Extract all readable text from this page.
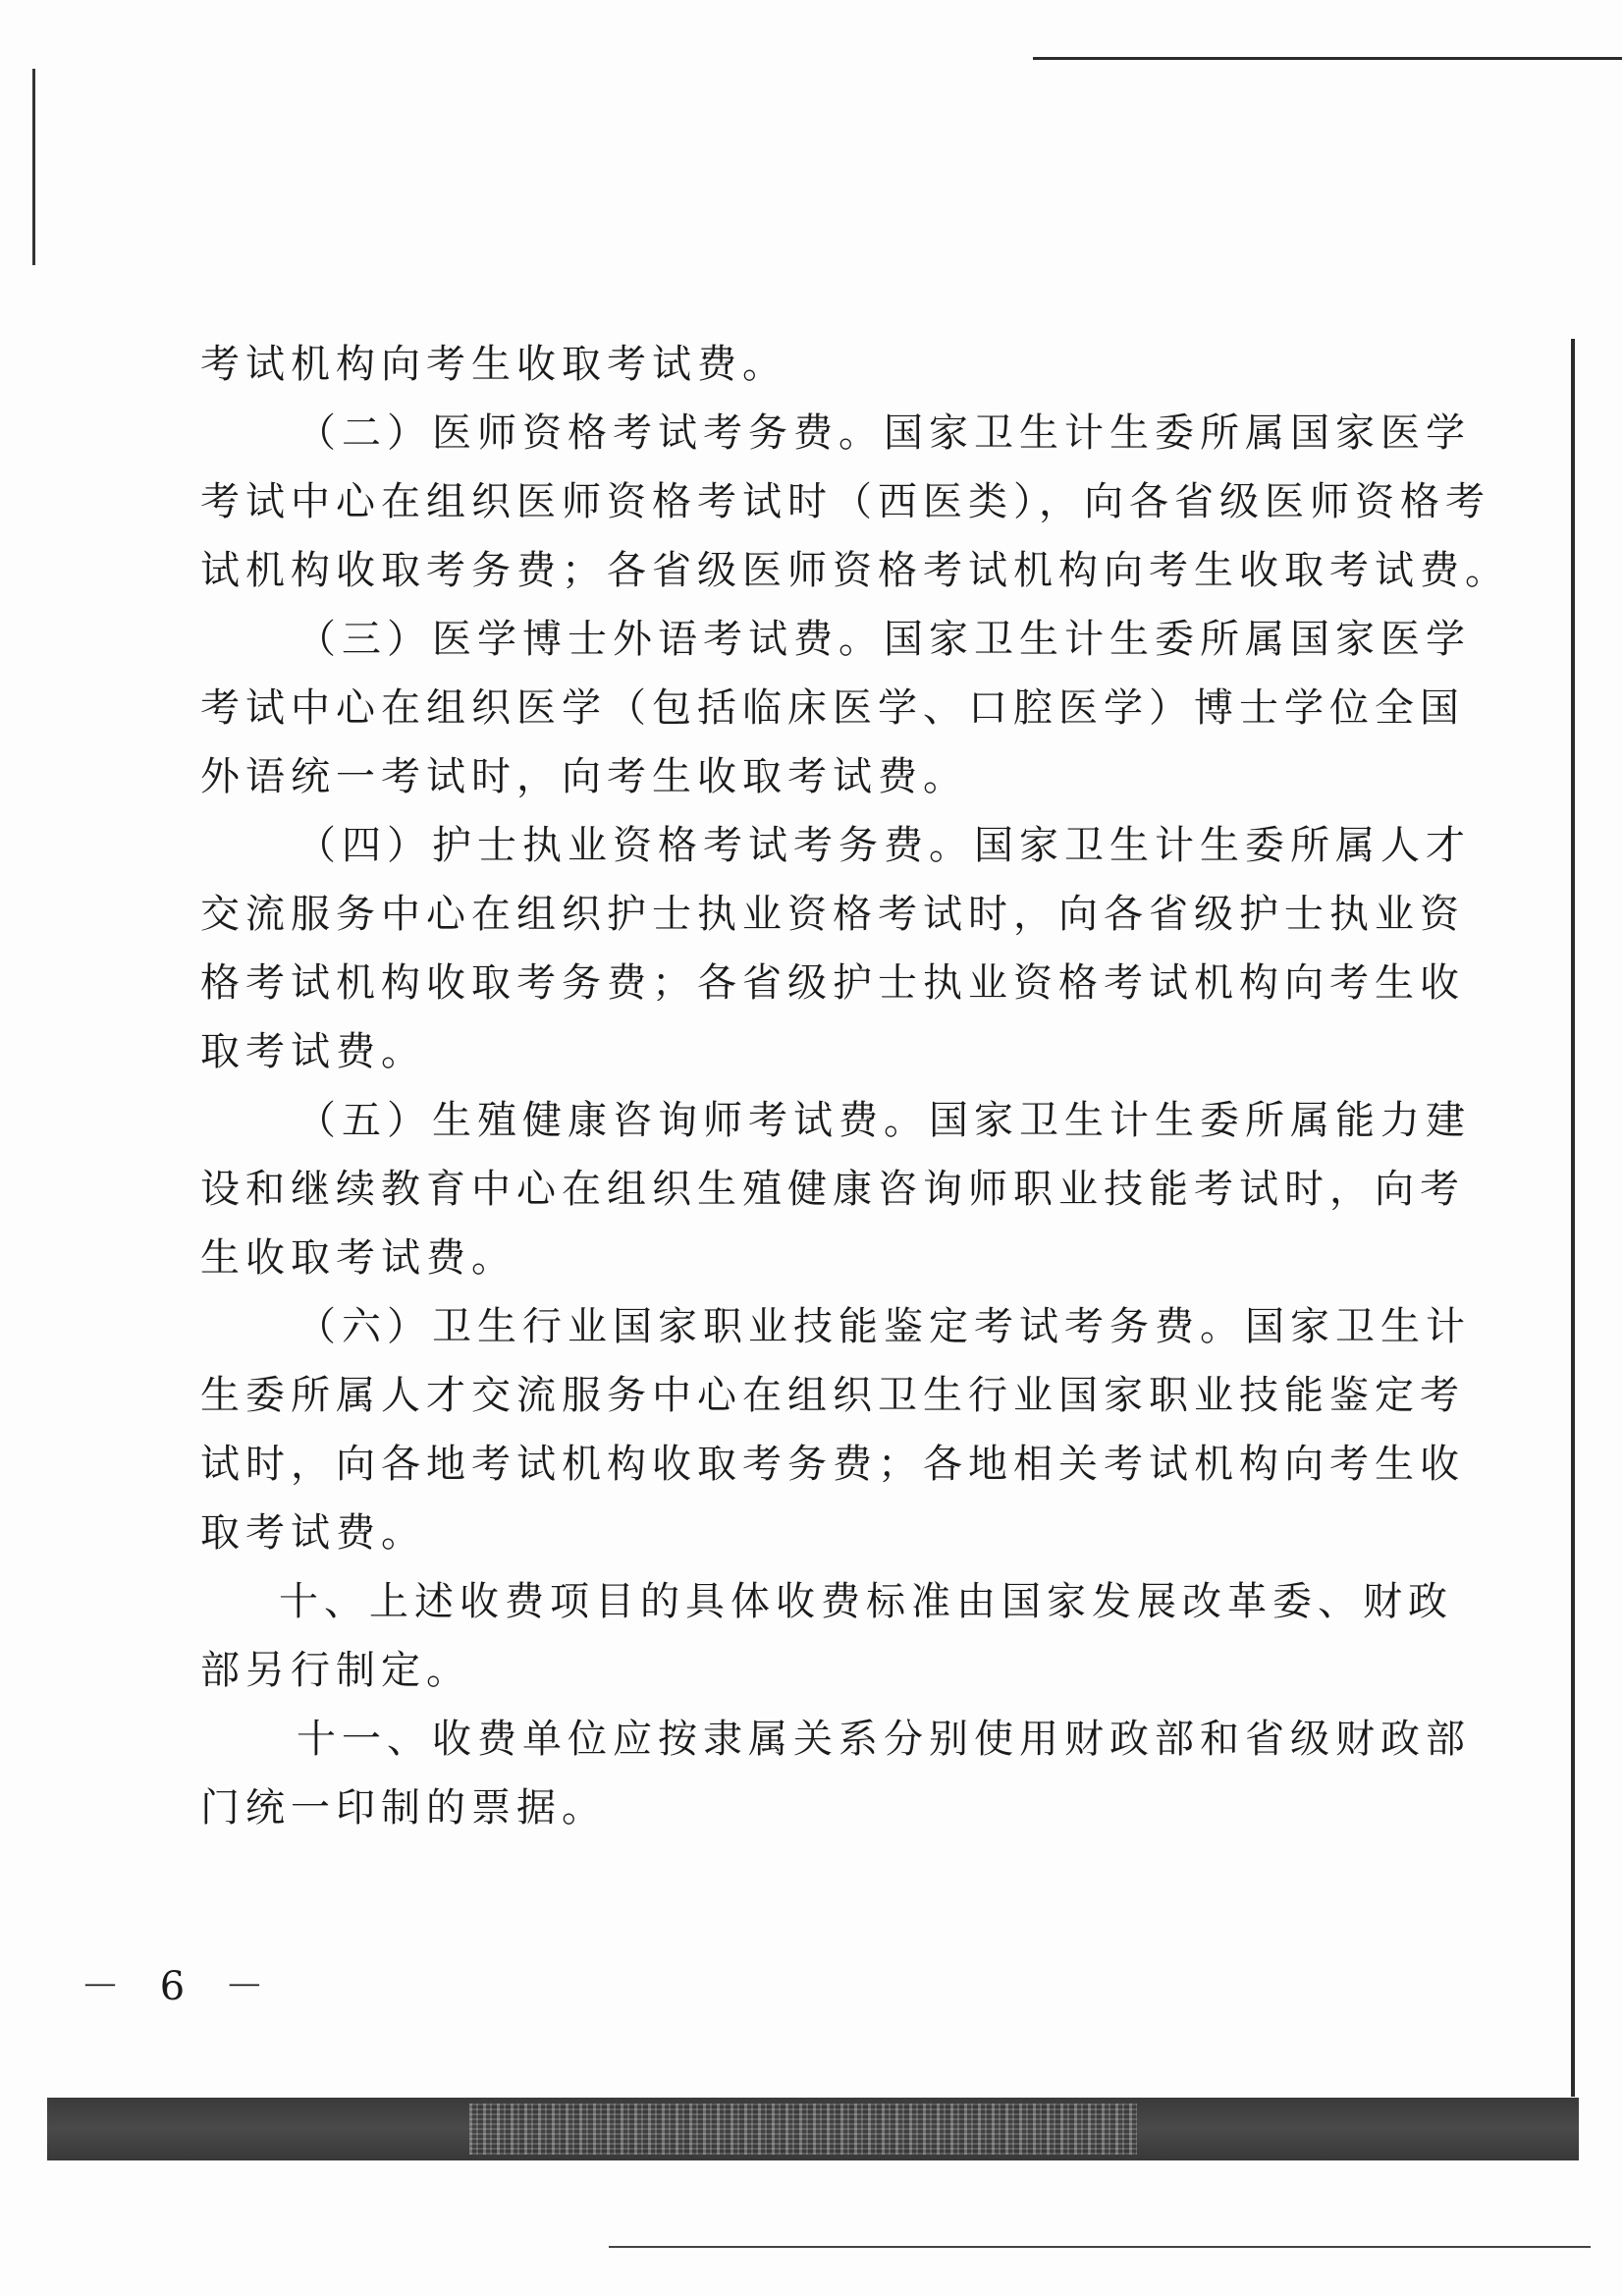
考试机构向考生收取考试费。
（二）医师资格考试考务费。国家卫生计生委所属国家医学
考试中心在组织医师资格考试时（西医类），向各省级医师资格考
试机构收取考务费；各省级医师资格考试机构向考生收取考试费。
（三）医学博士外语考试费。国家卫生计生委所属国家医学
考试中心在组织医学（包括临床医学、口腔医学）博士学位全国
外语统一考试时，向考生收取考试费。
（四）护士执业资格考试考务费。国家卫生计生委所属人才
交流服务中心在组织护士执业资格考试时，向各省级护士执业资
格考试机构收取考务费；各省级护士执业资格考试机构向考生收
取考试费。
（五）生殖健康咨询师考试费。国家卫生计生委所属能力建
设和继续教育中心在组织生殖健康咨询师职业技能考试时，向考
生收取考试费。
（六）卫生行业国家职业技能鉴定考试考务费。国家卫生计
生委所属人才交流服务中心在组织卫生行业国家职业技能鉴定考
试时，向各地考试机构收取考务费；各地相关考试机构向考生收
取考试费。
十、上述收费项目的具体收费标准由国家发展改革委、财政
部另行制定。
十一、收费单位应按隶属关系分别使用财政部和省级财政部
门统一印制的票据。
－ 6 －
